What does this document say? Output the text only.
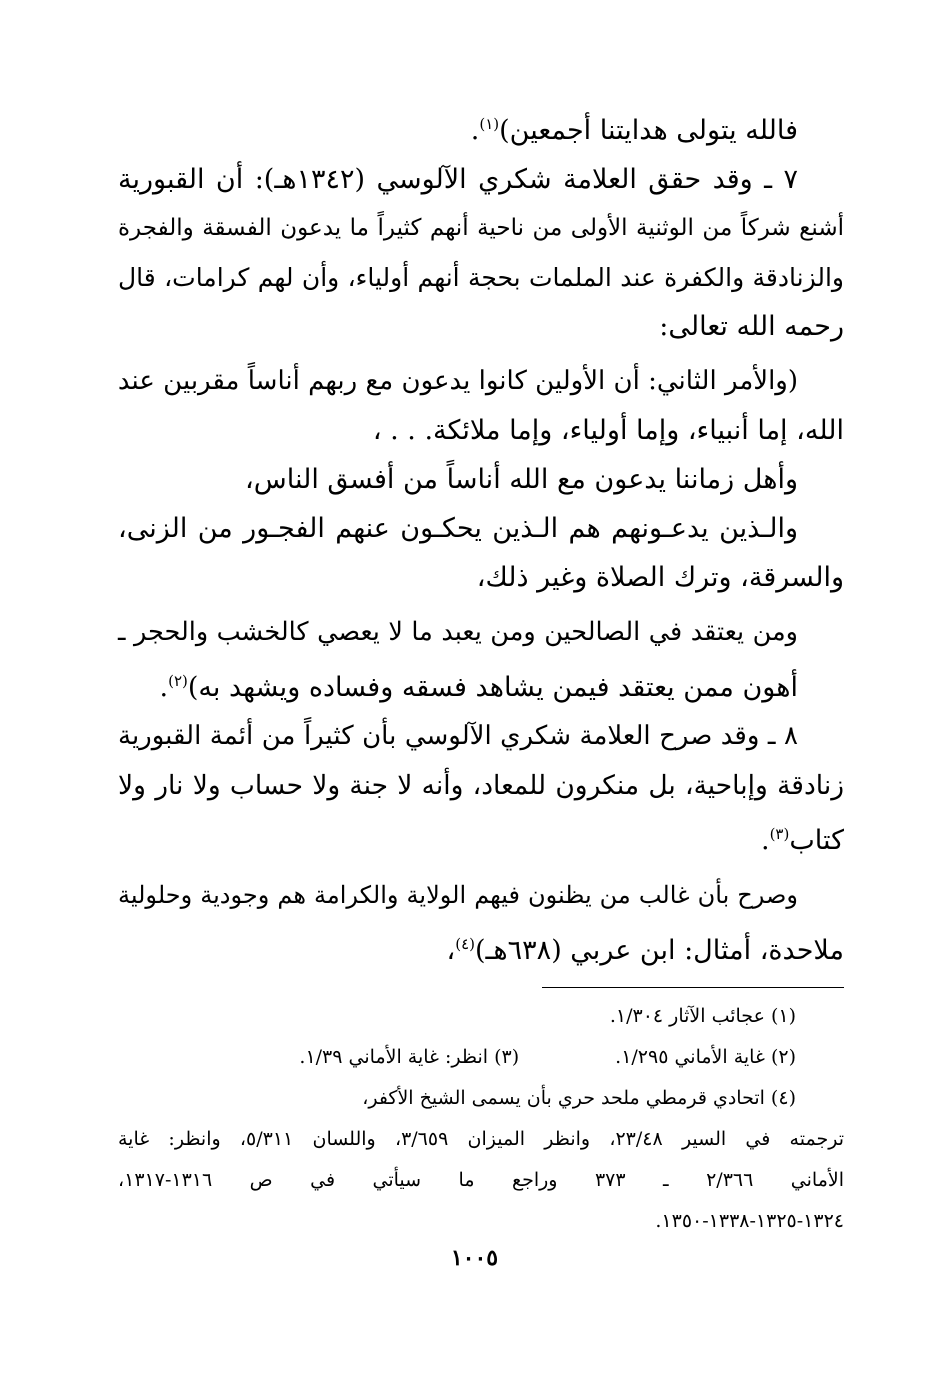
فالله يتولى هدايتنا أجمعين)$^{(١)}$.
٧ ـ وقد حقق العلامة شكري الآلوسي (١٣٤٢هـ): أن القبورية
أشنع شركاً من الوثنية الأولى من ناحية أنهم كثيراً ما يدعون الفسقة والفجرة
والزنادقة والكفرة عند الملمات بحجة أنهم أولياء، وأن لهم كرامات، قال
رحمه الله تعالى:
(والأمر الثاني: أن الأولين كانوا يدعون مع ربهم أناساً مقربين عند
الله، إما أنبياء، وإما أولياء، وإما ملائكة. . . ،
وأهل زماننا يدعون مع الله أناساً من أفسق الناس،
والـذين يدعـونهم هم الـذين يحكـون عنهم الفجـور من الزنى،
والسرقة، وترك الصلاة وغير ذلك،
ومن يعتقد في الصالحين ومن يعبد ما لا يعصي كالخشب والحجر ـ
أهون ممن يعتقد فيمن يشاهد فسقه وفساده ويشهد به)$^{(٢)}$.
٨ ـ وقد صرح العلامة شكري الآلوسي بأن كثيراً من أئمة القبورية
زنادقة وإباحية، بل منكرون للمعاد، وأنه لا جنة ولا حساب ولا نار ولا
كتاب$^{(٣)}$.
وصرح بأن غالب من يظنون فيهم الولاية والكرامة هم وجودية وحلولية
ملاحدة، أمثال: ابن عربي (٦٣٨هـ)$^{(٤)}$،
(١) عجائب الآثار ١/٣٠٤.
(٢) غاية الأماني ١/٢٩٥.
(٣) انظر: غاية الأماني ١/٣٩.
(٤) اتحادي قرمطي ملحد حري بأن يسمى الشيخ الأكفر،
ترجمته في السير ٢٣/٤٨، وانظر الميزان ٣/٦٥٩، واللسان ٥/٣١١، وانظر: غاية
الأماني ٢/٣٦٦ ـ ٣٧٣ وراجع ما سيأتي في ص ١٣١٦-١٣١٧،
١٣٢٤-١٣٢٥-١٣٣٨-١٣٥٠.
١٠٠٥
